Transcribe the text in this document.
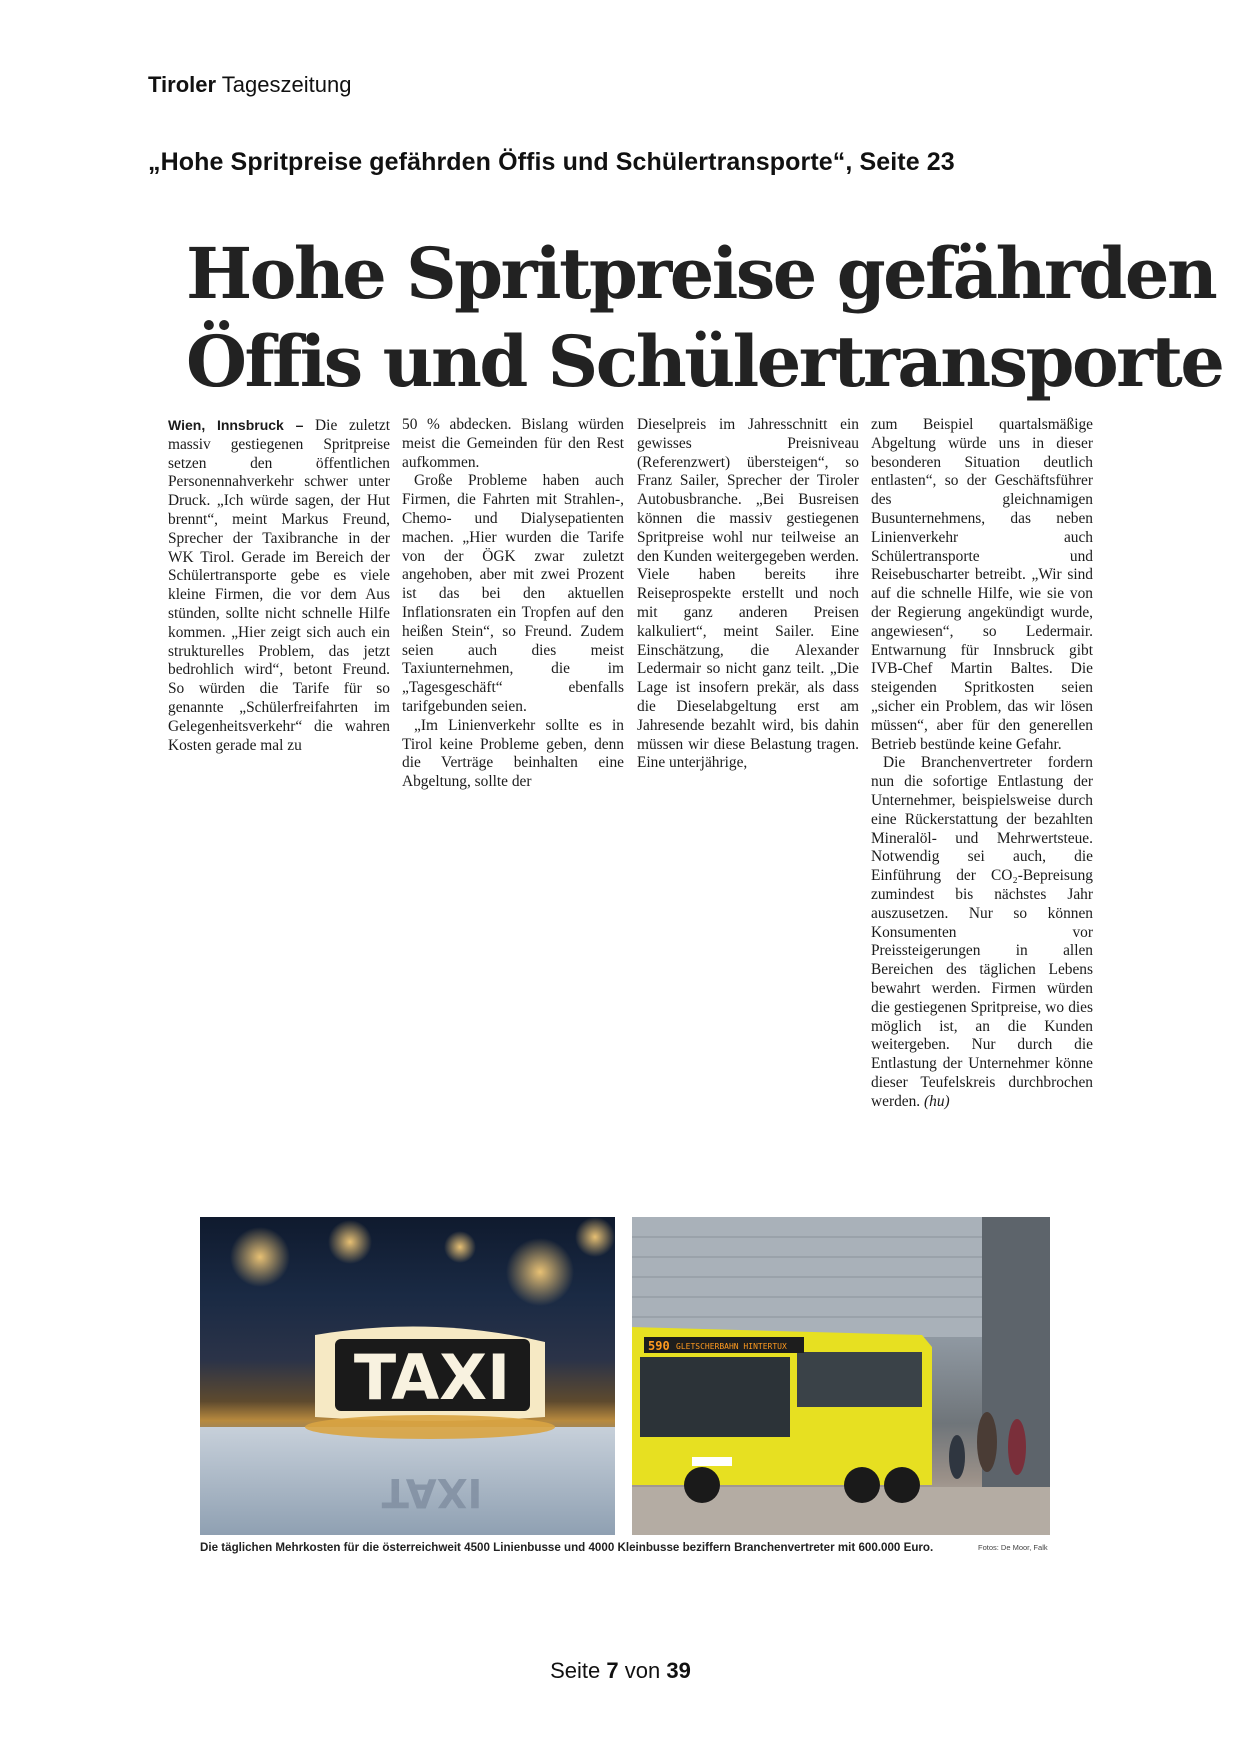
Tiroler Tageszeitung
„Hohe Spritpreise gefährden Öffis und Schülertransporte“, Seite 23
Hohe Spritpreise gefährden
Öffis und Schülertransporte

Wien, Innsbruck – Die zuletzt massiv gestiegenen Spritpreise setzen den öffentlichen Personennahverkehr schwer unter Druck. „Ich würde sagen, der Hut brennt“, meint Markus Freund, Sprecher der Taxibranche in der WK Tirol. Gerade im Bereich der Schülertransporte gebe es viele kleine Firmen, die vor dem Aus stünden, sollte nicht schnelle Hilfe kommen. „Hier zeigt sich auch ein strukturelles Problem, das jetzt bedrohlich wird“, betont Freund. So würden die Tarife für so genannte „Schülerfreifahrten im Gelegenheitsverkehr“ die wahren Kosten gerade mal zu

50 % abdecken. Bislang würden meist die Gemeinden für den Rest aufkommen.

Große Probleme haben auch Firmen, die Fahrten mit Strahlen-, Chemo- und Dialysepatienten machen. „Hier wurden die Tarife von der ÖGK zwar zuletzt angehoben, aber mit zwei Prozent ist das bei den aktuellen Inflationsraten ein Tropfen auf den heißen Stein“, so Freund. Zudem seien auch dies meist Taxiunternehmen, die im „Tagesgeschäft“ ebenfalls tarifgebunden seien.

„Im Linienverkehr sollte es in Tirol keine Probleme geben, denn die Verträge beinhalten eine Abgeltung, sollte der

Dieselpreis im Jahresschnitt ein gewisses Preisniveau (Referenzwert) übersteigen“, so Franz Sailer, Sprecher der Tiroler Autobusbranche. „Bei Busreisen können die massiv gestiegenen Spritpreise wohl nur teilweise an den Kunden weitergegeben werden. Viele haben bereits ihre Reiseprospekte erstellt und noch mit ganz anderen Preisen kalkuliert“, meint Sailer. Eine Einschätzung, die Alexander Ledermair so nicht ganz teilt. „Die Lage ist insofern prekär, als dass die Dieselabgeltung erst am Jahresende bezahlt wird, bis dahin müssen wir diese Belastung tragen. Eine unterjährige,

zum Beispiel quartalsmäßige Abgeltung würde uns in dieser besonderen Situation deutlich entlasten“, so der Geschäftsführer des gleichnamigen Busunternehmens, das neben Linienverkehr auch Schülertransporte und Reisebuscharter betreibt. „Wir sind auf die schnelle Hilfe, wie sie von der Regierung angekündigt wurde, angewiesen“, so Ledermair. Entwarnung für Innsbruck gibt IVB-Chef Martin Baltes. Die steigenden Spritkosten seien „sicher ein Problem, das wir lösen müssen“, aber für den generellen Betrieb bestünde keine Gefahr.

Die Branchenvertreter fordern nun die sofortige Entlastung der Unternehmer, beispielsweise durch eine Rückerstattung der bezahlten Mineralöl- und Mehrwertsteue. Notwendig sei auch, die Einführung der CO₂-Bepreisung zumindest bis nächstes Jahr auszusetzen. Nur so können Konsumenten vor Preissteigerungen in allen Bereichen des täglichen Lebens bewahrt werden. Firmen würden die gestiegenen Spritpreise, wo dies möglich ist, an die Kunden weitergeben. Nur durch die Entlastung der Unternehmer könne dieser Teufelskreis durchbrochen werden. (hu)

TAXI
TAXI
590 GLETSCHERBAHN HINTERTUX
Die täglichen Mehrkosten für die österreichweit 4500 Linienbusse und 4000 Kleinbusse beziffern Branchenvertreter mit 600.000 Euro.	Fotos: De Moor, Falk
Seite 7 von 39
